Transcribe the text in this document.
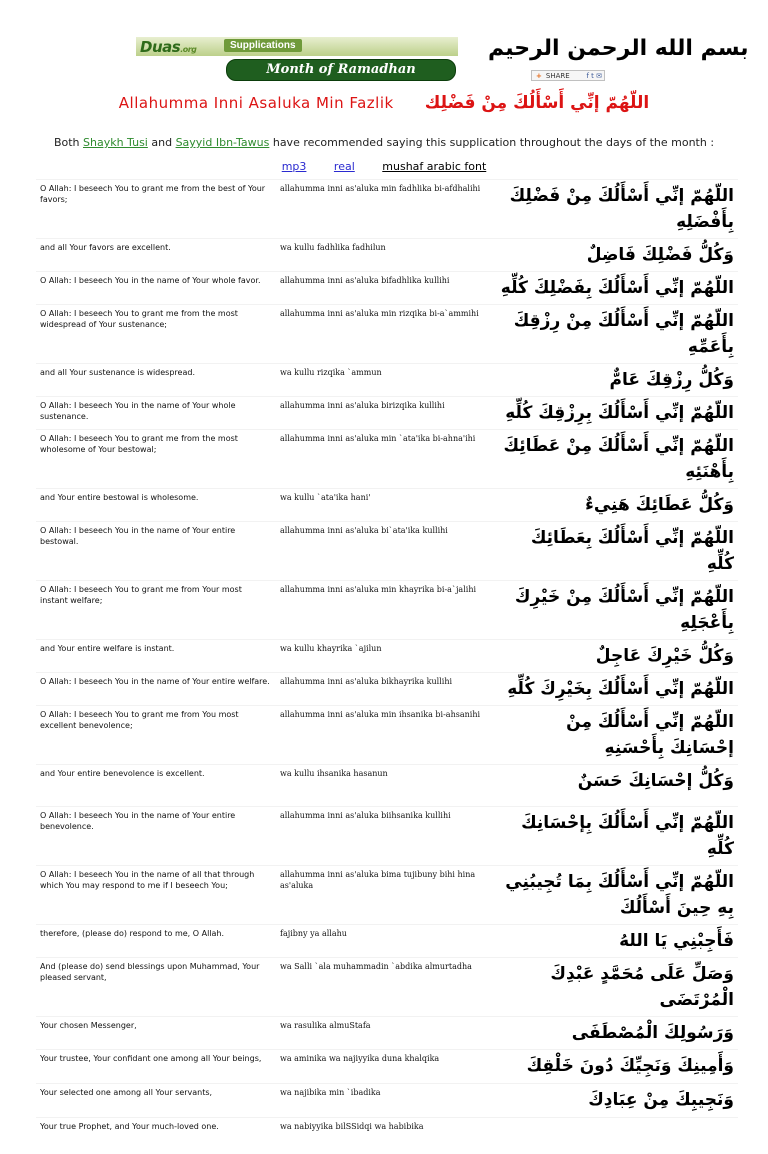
Duas.org	Supplications
Month of Ramadhan
بسم الله الرحمن الرحيم
+ SHARE f t ✉
Allahumma Inni Asaluka Min Fazlik اللّهُمّ إنِّي أَسْأَلُكَ مِنْ فَضْلِك
Both Shaykh Tusi and Sayyid Ibn-Tawus have recommended saying this supplication throughout the days of the month :
mp3	real	mushaf arabic font
O Allah: I beseech You to grant me from the best of Your favors;	allahumma inni as'aluka min fadhlika bi-afdhalihi	اللّهُمّ إنِّي أَسْأَلُكَ مِنْ فَضْلِكَ بِأَفْضَلِهِ
and all Your favors are excellent.	wa kullu fadhlika fadhilun	وَكُلُّ فَضْلِكَ فَاضِلٌ
O Allah: I beseech You in the name of Your whole favor.	allahumma inni as'aluka bifadhlika kullihi	اللّهُمّ إنِّي أَسْأَلُكَ بِفَضْلِكَ كُلِّهِ
O Allah: I beseech You to grant me from the most widespread of Your sustenance;	allahumma inni as'aluka min rizqika bi-a`ammihi	اللّهُمّ إنِّي أَسْأَلُكَ مِنْ رِزْقِكَ بِأَعَمِّهِ
and all Your sustenance is widespread.	wa kullu rizqika `ammun	وَكُلُّ رِزْقِكَ عَامٌّ
O Allah: I beseech You in the name of Your whole sustenance.	allahumma inni as'aluka birizqika kullihi	اللّهُمّ إنِّي أَسْأَلُكَ بِرِزْقِكَ كُلِّهِ
O Allah: I beseech You to grant me from the most wholesome of Your bestowal;	allahumma inni as'aluka min `ata'ika bi-ahna'ihi	اللّهُمّ إنِّي أَسْأَلُكَ مِنْ عَطَائِكَ بِأَهْنَئِهِ
and Your entire bestowal is wholesome.	wa kullu `ata'ika hani'	وَكُلُّ عَطَائِكَ هَنِيءٌ
O Allah: I beseech You in the name of Your entire bestowal.	allahumma inni as'aluka bi`ata'ika kullihi	اللّهُمّ إنِّي أَسْأَلُكَ بِعَطَائِكَ كُلِّهِ
O Allah: I beseech You to grant me from Your most instant welfare;	allahumma inni as'aluka min khayrika bi-a`jalihi	اللّهُمّ إنِّي أَسْأَلُكَ مِنْ خَيْرِكَ بِأَعْجَلِهِ
and Your entire welfare is instant.	wa kullu khayrika `ajilun	وَكُلُّ خَيْرِكَ عَاجِلٌ
O Allah: I beseech You in the name of Your entire welfare.	allahumma inni as'aluka bikhayrika kullihi	اللّهُمّ إنِّي أَسْأَلُكَ بِخَيْرِكَ كُلِّهِ
O Allah: I beseech You to grant me from You most excellent benevolence;	allahumma inni as'aluka min ihsanika bi-ahsanihi	اللّهُمّ إنِّي أَسْأَلُكَ مِنْ إحْسَانِكَ بِأَحْسَنِهِ
and Your entire benevolence is excellent.	wa kullu ihsanika hasanun	وَكُلُّ إحْسَانِكَ حَسَنٌ
O Allah: I beseech You in the name of Your entire benevolence.	allahumma inni as'aluka biihsanika kullihi	اللّهُمّ إنِّي أَسْأَلُكَ بِإحْسَانِكَ كُلِّهِ
O Allah: I beseech You in the name of all that through which You may respond to me if I beseech You;	allahumma inni as'aluka bima tujibuny bihi hina as'aluka	اللّهُمّ إنِّي أَسْأَلُكَ بِمَا تُجِيبُنِي بِهِ حِينَ أَسْأَلُكَ
therefore, (please do) respond to me, O Allah.	fajibny ya allahu	فَأَجِبْنِي يَا اللهُ
And (please do) send blessings upon Muhammad, Your pleased servant,	wa Salli `ala muhammadin `abdika almurtadha	وَصَلِّ عَلَى مُحَمَّدٍ عَبْدِكَ الْمُرْتَضَى
Your chosen Messenger,	wa rasulika almuStafa	وَرَسُولِكَ الْمُصْطَفَى
Your trustee, Your confidant one among all Your beings,	wa aminika wa najiyyika duna khalqika	وَأَمِينِكَ وَنَجِيِّكَ دُونَ خَلْقِكَ
Your selected one among all Your servants,	wa najibika min `ibadika	وَنَجِيبِكَ مِنْ عِبَادِكَ
Your true Prophet, and Your much-loved one.	wa nabiyyika bilSSidqi wa habibika	
